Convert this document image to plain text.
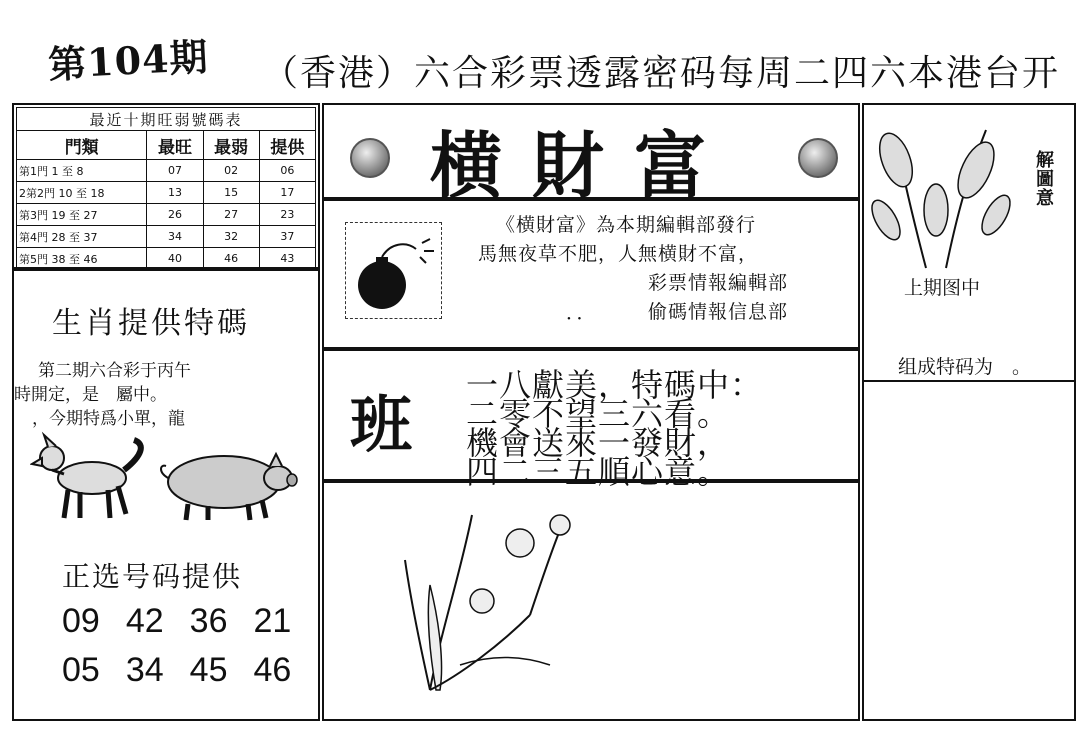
第104期 （香港）六合彩票透露密码每周二四六本港台开
最近十期旺弱號碼表			
門類	最旺	最弱	提供
第1門 1 至 8	07	02	06
2第2門 10 至 18	13	15	17
第3門 19 至 27	26	27	23
第4門 28 至 37	34	32	37
第5門 38 至 46	40	46	43
生肖提供特碼
第二期六合彩于丙午
時開定，是　屬中。
，今期特爲小單，龍
正选号码提供
09 42 36 21
05 34 45 46
横財富
《横財富》為本期編輯部發行
馬無夜草不肥，人無横財不富，
彩票情報編輯部
．．	偷碼情報信息部
班
一八獻美，特碼中：
二零不望三六看。
機會送來一發財，
四二三五順心意。
解圖意
上期图中
组成特码为　。
